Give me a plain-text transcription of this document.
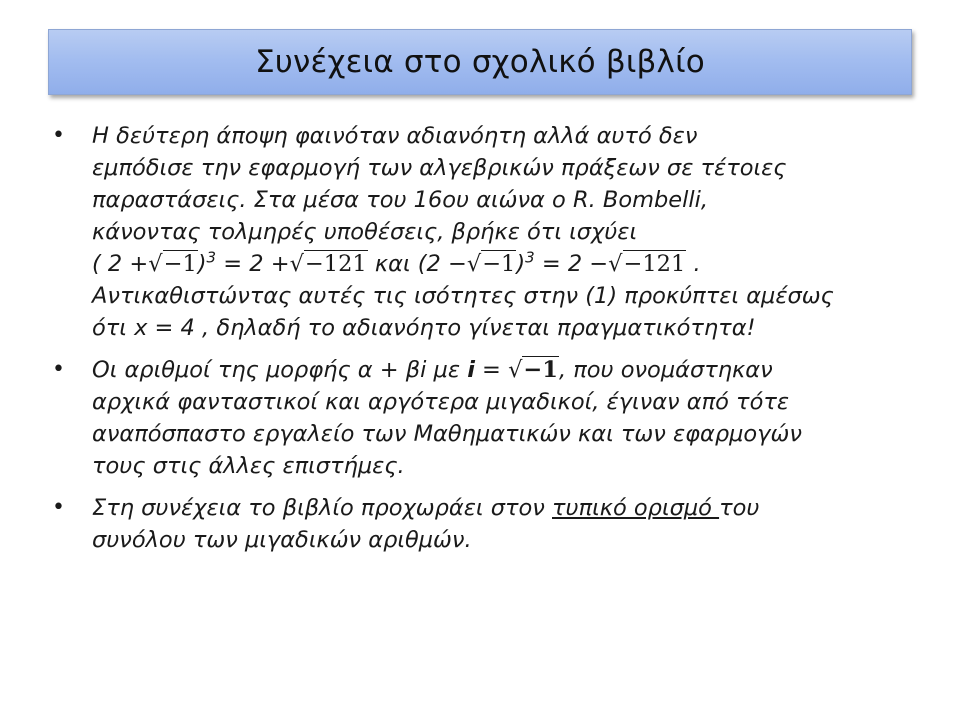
Συνέχεια στο σχολικό βιβλίο
• Η δεύτερη άποψη φαινόταν αδιανόητη αλλά αυτό δεν
εμπόδισε την εφαρμογή των αλγεβρικών πράξεων σε τέτοιες
παραστάσεις. Στα μέσα του 16ου αιώνα ο R. Bombelli,
κάνοντας τολμηρές υποθέσεις, βρήκε ότι ισχύει
( 2 +√−1)$^3$ = 2 +√−121 και $(2 -√-1)^3 = 2 -√-121$ .
Αντικαθιστώντας αυτές τις ισότητες στην (1) προκύπτει αμέσως
ότι x = 4 , δηλαδή το αδιανόητο γίνεται πραγματικότητα!
• Οι αριθμοί της μορφής α + βi με i = √−1, που ονομάστηκαν
αρχικά φανταστικοί και αργότερα μιγαδικοί, έγιναν από τότε
αναπόσπαστο εργαλείο των Μαθηματικών και των εφαρμογών
τους στις άλλες επιστήμες.
• Στη συνέχεια το βιβλίο προχωράει στον τυπικό ορισμό του
συνόλου των μιγαδικών αριθμών.
